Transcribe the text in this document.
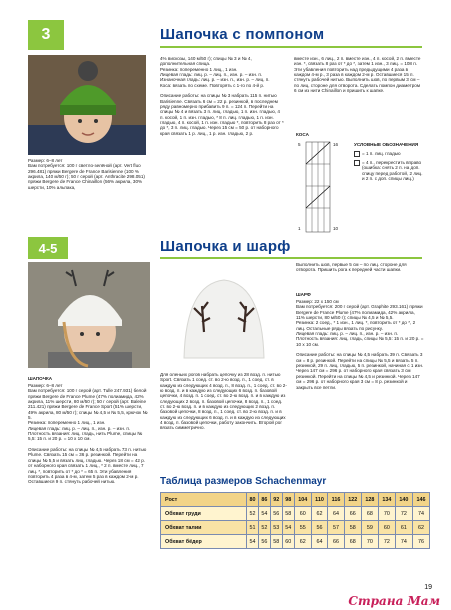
3	Шапочка с помпоном
Размер: 6–8 лет
Вам потребуется: 100 г светло-зелёной (арт. Vert fluo 296.481) пряжи Bergere de France Barisienne (100 % акрила, 140 м/50 г); 50 г серой (арт. Anthracite 298.051) пряжи Bergere de France Chinaillon (56% акрила, 30% шерсти, 10% альпака,
4% вискозы, 140 м/50 г); спицы № 3 и № 4, дополнительная спица.
Резинка: попеременно 1 лиц., 1 изн.
Лицевая гладь: лиц. р. – лиц. п., изн. р. – изн. п.
Изнаночная гладь: лиц. р. – изн. п., изн. р. – лиц. п.
Коса: вязать по схеме. Повторять с 1-го по 4-й р.

Описание работы: на спицы № 3 набрать 115 п. нитью Barisienne. Связать 6 см = 22 р. резинкой, в последнем ряду равномерно прибавить 9 п. = 124 п. Перейти на спицы № 4 и вязать 3 п. лиц. гладью, 1 п. изн. гладью, 4 п. косой, 1 п. изн. гладью, * 8 п. лиц. гладью, 1 п. изн. гладью, 4 п. косой, 1 п. изн. гладью *, повторить 8 раз от * до *, 3 п. лиц. гладью. Через 15 см = 50 р. от наборного края связать 1 р. лиц., 1 р. изн. гладью, 2 р.
вместе изн., 6 лиц., 2 п. вместе изн., 4 п. косой, 2 п. вместе изн. *, связать 8 раз от * до *, затем 1 изн., 3 лиц. = 108 п. Эти убавления повторить над предыдущими 4 раза в каждом 4-м р., 3 раза в каждом 2-м р. Оставшиеся 15 п. стянуть рабочей нитью. Выполнить шов, по первым 3 см – по лиц. стороне для отворота. Сделать помпон диаметром 6 см из нити Chinaillon и пришить к шапке.
КОСА
16
10
5
1
УСЛОВНЫЕ ОБОЗНАЧЕНИЯ
= 1 п. лиц. гладью
= 4 п., перекрестить вправо (ошибка: снять 2 п. на доп. спицу перед работой, 2 лиц. и 2 п. с доп. спицы лиц.)
4-5	Шапочка и шарф
Выполнить шов, первые 5 см – по лиц. стороне для отворота. Пришить рога к передней части шапки.
ШАРФ
Размер: 22 х 150 см
Вам потребуется: 200 г серой (арт. Graphite 293.161) пряжи Bergere de France Plume (47% полиамида, 42% акрила, 11% шерсти, 80 м/50 г); спицы № 4,5 и № 5,5.
Резинка: 2 соед., * 1 изн., 1 лиц. *, повторить от * до *, 2 лиц. Остальные ряды вязать по рисунку.
Лицевая гладь: лиц. р. – лиц. п., изн. р. – изн. п.
Плотность вязания: лиц. гладь, спицы № 5,5: 15 п. и 20 р. = 10 х 10 см.

Описание работы: на спицы № 4,5 набрать 39 п. Связать 3 см = 8 р. резинкой. Перейти на спицы № 5,5 и вязать 5 п. резинкой, 29 п. лиц. гладью, 5 п. резинкой, начиная с 1 изн. Через 147 см = 296 р. от наборного края связать 3 см резинкой. Перейти на спицы № 4,5 и резинкой. Через 147 см = 296 р. от наборного края 3 см = 8 р. резинкой и закрыть все петли.
ШАПОЧКА
Размер: 6–8 лет
Вам потребуется: 100 г серой (арт. Tulle 247.931) белой пряжи Bergere de France Plume (47% полиамида, 42% акрила, 11% шерсти, 80 м/50 г); 50 г серой (арт. Baleine 211.421) пряжи Bergere de France Sport (51% шерсти, 49% акрила, 80 м/50 г); спицы № 4,5 и № 5,5, крючок № 5.
Резинка: попеременно 1 лиц., 1 изн.
Лицевая гладь: лиц. р. – лиц. п., изн. р. – изн. п.
Плотность вязания: лиц. гладь, нить Plume, спицы № 5,5: 15 п. и 20 р. = 10 х 10 см.

Описание работы: на спицы № 4,5 набрать 73 п. нитью Plume. Связать 15 см = 36 р. резинкой. Перейти на спицы № 5,5 и вязать лиц. гладью. Через 18 см = 42 р. от наборного края связать 1 лиц., * 2 п. вместе лиц., 7 лиц. *, повторить от * до * = 65 п. Эти убавления повторить 4 раза в 4-м, затем 5 раз в каждом 2-м р. Оставшиеся 9 п. стянуть рабочей нитью.
Для оленьих рогов набрать цепочку из 28 возд. п. нитью Sport. Связать 1 соед. ст. во 2-ю возд. п., 1 соед. ст. в каждую из следующих 4 возд. п., 8 возд. п., 1 соед. ст. во 2-ю возд. п. и в каждую из следующих 6 возд. п. базовой цепочки, 4 возд. п. 1 соед. ст. во 2-ю возд. п. и в каждую из следующих 2 возд. п. базовой цепочки, 8 возд. п., 1 соед. ст. во 2-ю возд. п. и в каждую из следующих 2 возд. п. базовой цепочки, 8 возд. п., 1 соед. ст. во 2-ю возд. п. и в каждую из следующих 6 возд. п. и в каждую из следующих 4 возд. п. базовой цепочки, работу закончить. Второй рог вязать симметрично.
Таблица размеров Schachenmayr
Рост	80	86	92	98	104	110	116	122	128	134	140	146
Обхват груди	52	54	56	58	60	62	64	66	68	70	72	74
Обхват талии	51	52	53	54	55	56	57	58	59	60	61	62
Обхват бёдер	54	56	58	60	62	64	66	68	70	72	74	76
19
Страна Мам
